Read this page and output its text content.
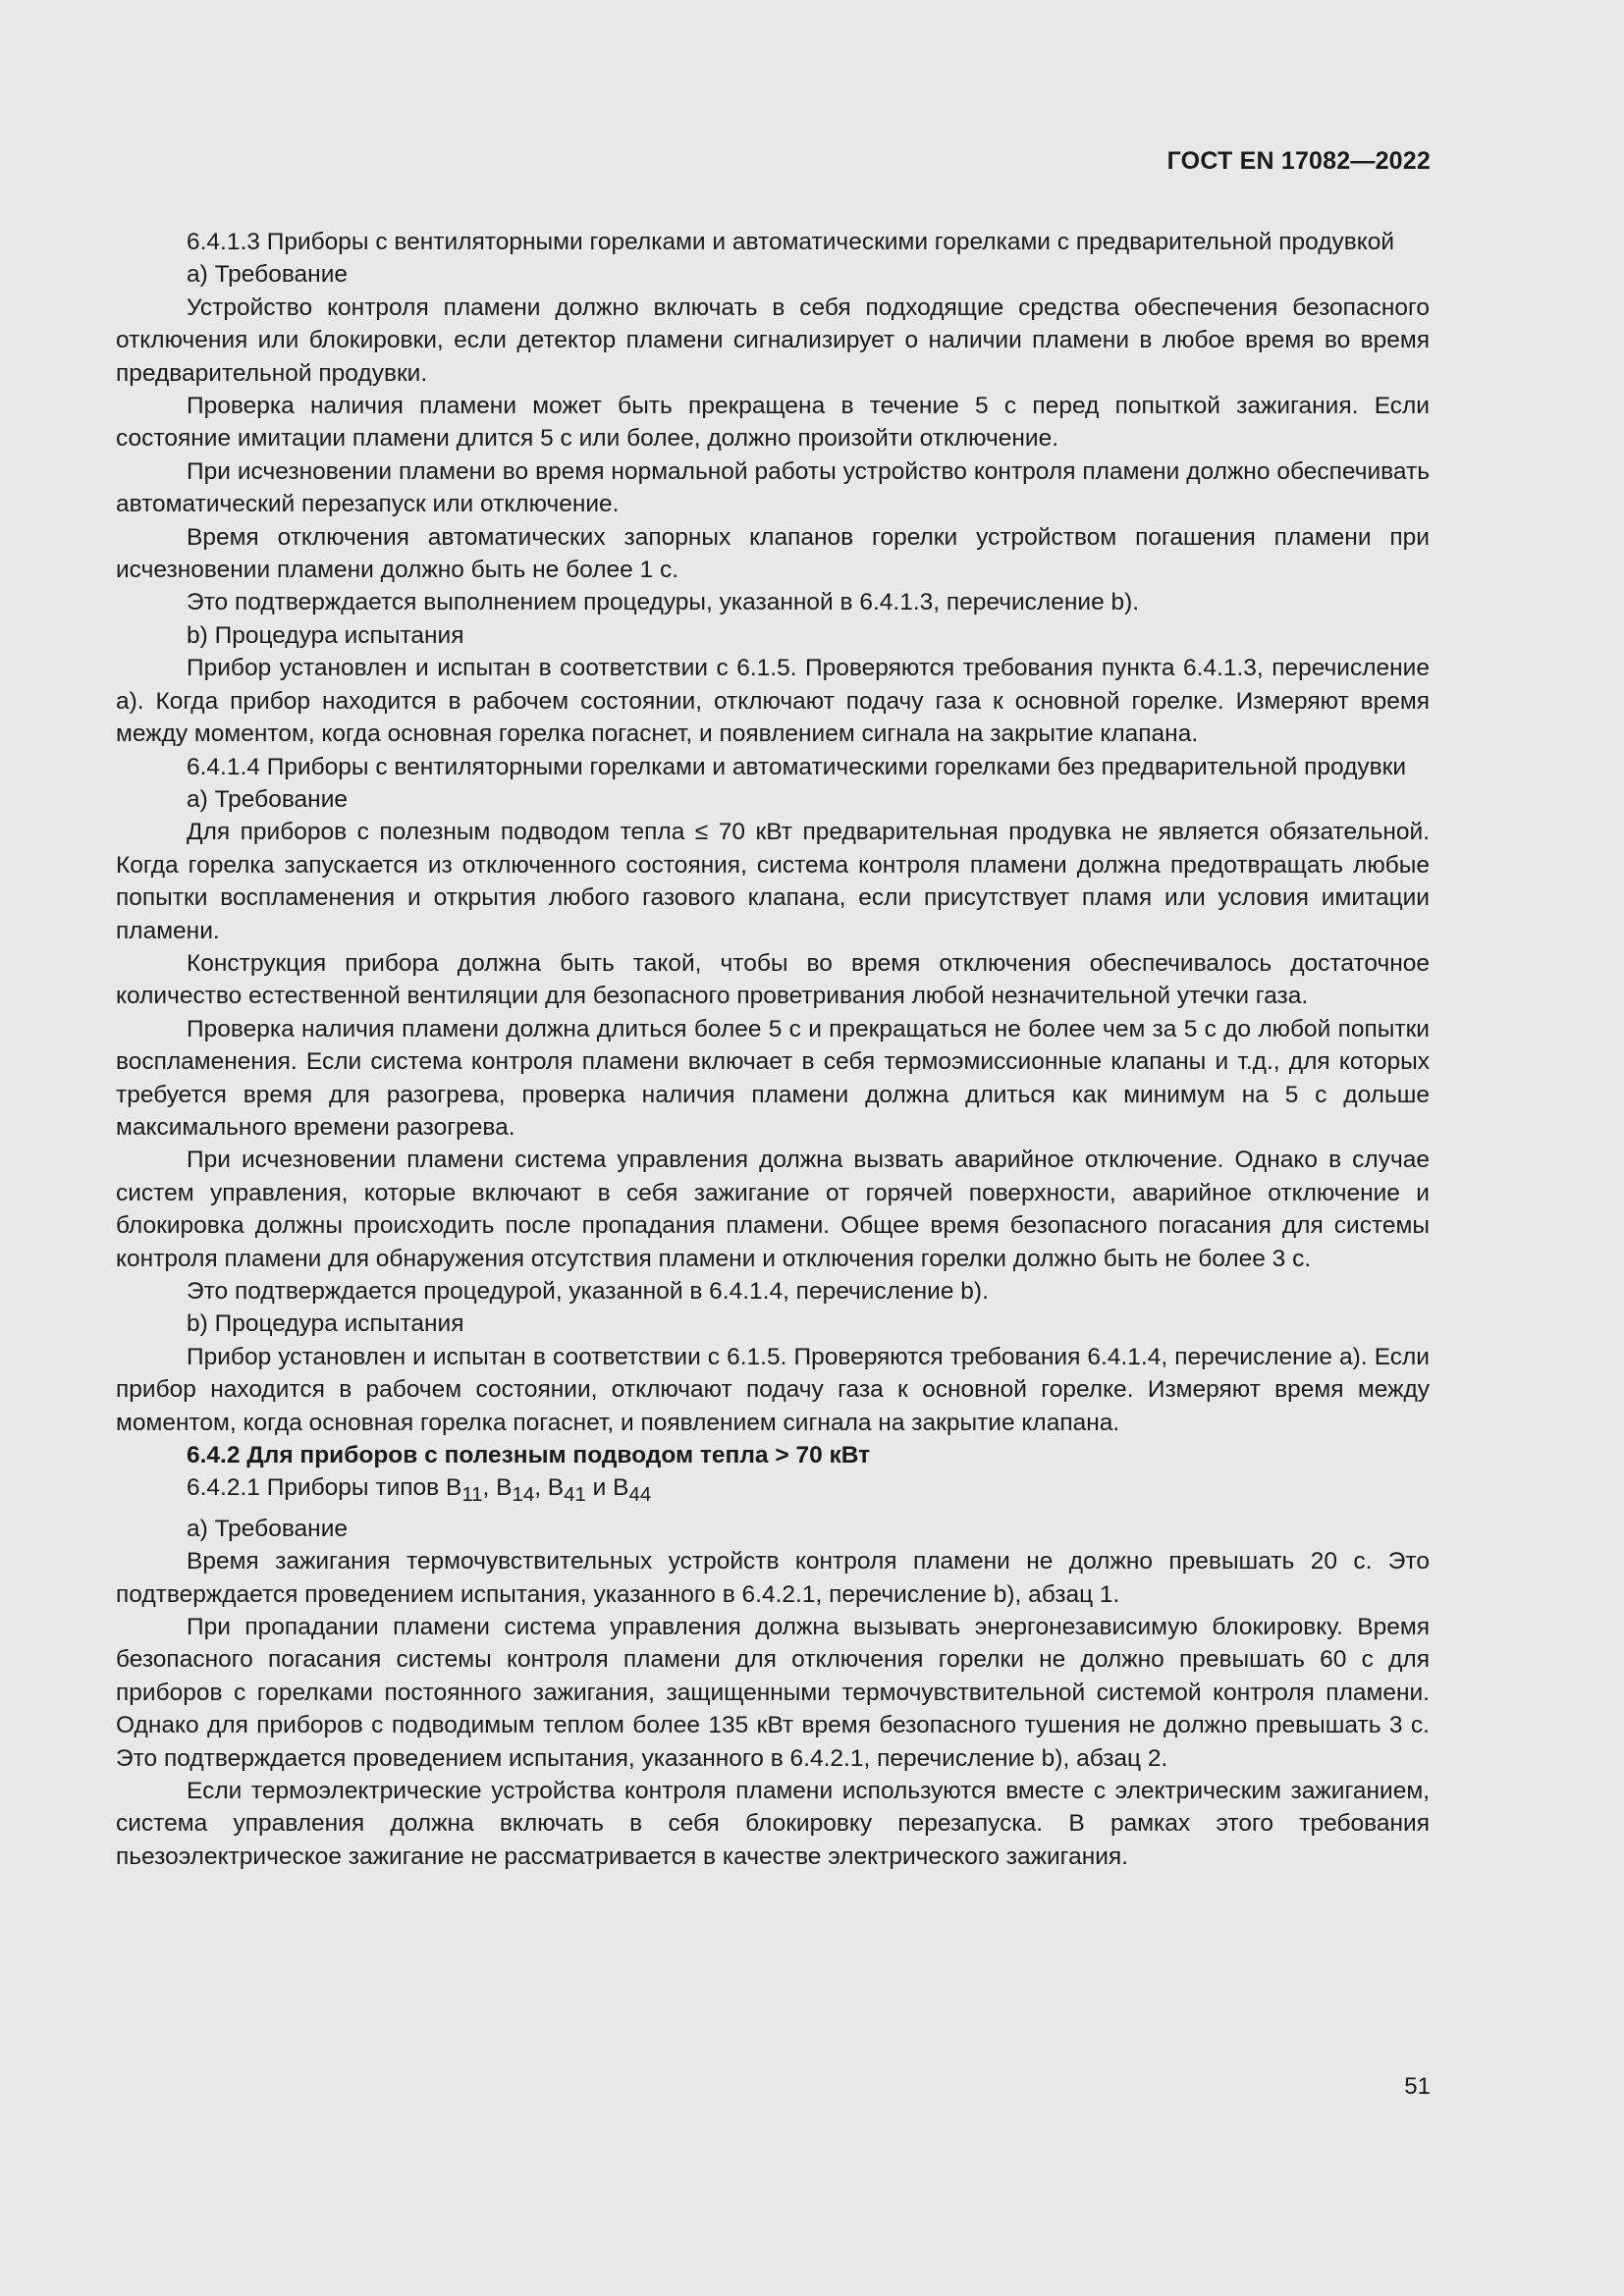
ГОСТ EN 17082—2022

6.4.1.3 Приборы с вентиляторными горелками и автоматическими горелками с предварительной продувкой

a) Требование

Устройство контроля пламени должно включать в себя подходящие средства обеспечения безопасного отключения или блокировки, если детектор пламени сигнализирует о наличии пламени в любое время во время предварительной продувки.

Проверка наличия пламени может быть прекращена в течение 5 с перед попыткой зажигания. Если состояние имитации пламени длится 5 с или более, должно произойти отключение.

При исчезновении пламени во время нормальной работы устройство контроля пламени должно обеспечивать автоматический перезапуск или отключение.

Время отключения автоматических запорных клапанов горелки устройством погашения пламени при исчезновении пламени должно быть не более 1 с.

Это подтверждается выполнением процедуры, указанной в 6.4.1.3, перечисление b).

b) Процедура испытания

Прибор установлен и испытан в соответствии с 6.1.5. Проверяются требования пункта 6.4.1.3, перечисление a). Когда прибор находится в рабочем состоянии, отключают подачу газа к основной горелке. Измеряют время между моментом, когда основная горелка погаснет, и появлением сигнала на закрытие клапана.

6.4.1.4 Приборы с вентиляторными горелками и автоматическими горелками без предварительной продувки

a) Требование

Для приборов с полезным подводом тепла ≤ 70 кВт предварительная продувка не является обязательной. Когда горелка запускается из отключенного состояния, система контроля пламени должна предотвращать любые попытки воспламенения и открытия любого газового клапана, если присутствует пламя или условия имитации пламени.

Конструкция прибора должна быть такой, чтобы во время отключения обеспечивалось достаточное количество естественной вентиляции для безопасного проветривания любой незначительной утечки газа.

Проверка наличия пламени должна длиться более 5 с и прекращаться не более чем за 5 с до любой попытки воспламенения. Если система контроля пламени включает в себя термоэмиссионные клапаны и т.д., для которых требуется время для разогрева, проверка наличия пламени должна длиться как минимум на 5 с дольше максимального времени разогрева.

При исчезновении пламени система управления должна вызвать аварийное отключение. Однако в случае систем управления, которые включают в себя зажигание от горячей поверхности, аварийное отключение и блокировка должны происходить после пропадания пламени. Общее время безопасного погасания для системы контроля пламени для обнаружения отсутствия пламени и отключения горелки должно быть не более 3 с.

Это подтверждается процедурой, указанной в 6.4.1.4, перечисление b).

b) Процедура испытания

Прибор установлен и испытан в соответствии с 6.1.5. Проверяются требования 6.4.1.4, перечисление a). Если прибор находится в рабочем состоянии, отключают подачу газа к основной горелке. Измеряют время между моментом, когда основная горелка погаснет, и появлением сигнала на закрытие клапана.

6.4.2 Для приборов с полезным подводом тепла > 70 кВт

6.4.2.1 Приборы типов $B_{11}$, $B_{14}$, $B_{41}$ и $B_{44}$

a) Требование

Время зажигания термочувствительных устройств контроля пламени не должно превышать 20 с. Это подтверждается проведением испытания, указанного в 6.4.2.1, перечисление b), абзац 1.

При пропадании пламени система управления должна вызывать энергонезависимую блокировку. Время безопасного погасания системы контроля пламени для отключения горелки не должно превышать 60 с для приборов с горелками постоянного зажигания, защищенными термочувствительной системой контроля пламени. Однако для приборов с подводимым теплом более 135 кВт время безопасного тушения не должно превышать 3 с. Это подтверждается проведением испытания, указанного в 6.4.2.1, перечисление b), абзац 2.

Если термоэлектрические устройства контроля пламени используются вместе с электрическим зажиганием, система управления должна включать в себя блокировку перезапуска. В рамках этого требования пьезоэлектрическое зажигание не рассматривается в качестве электрического зажигания.

51
